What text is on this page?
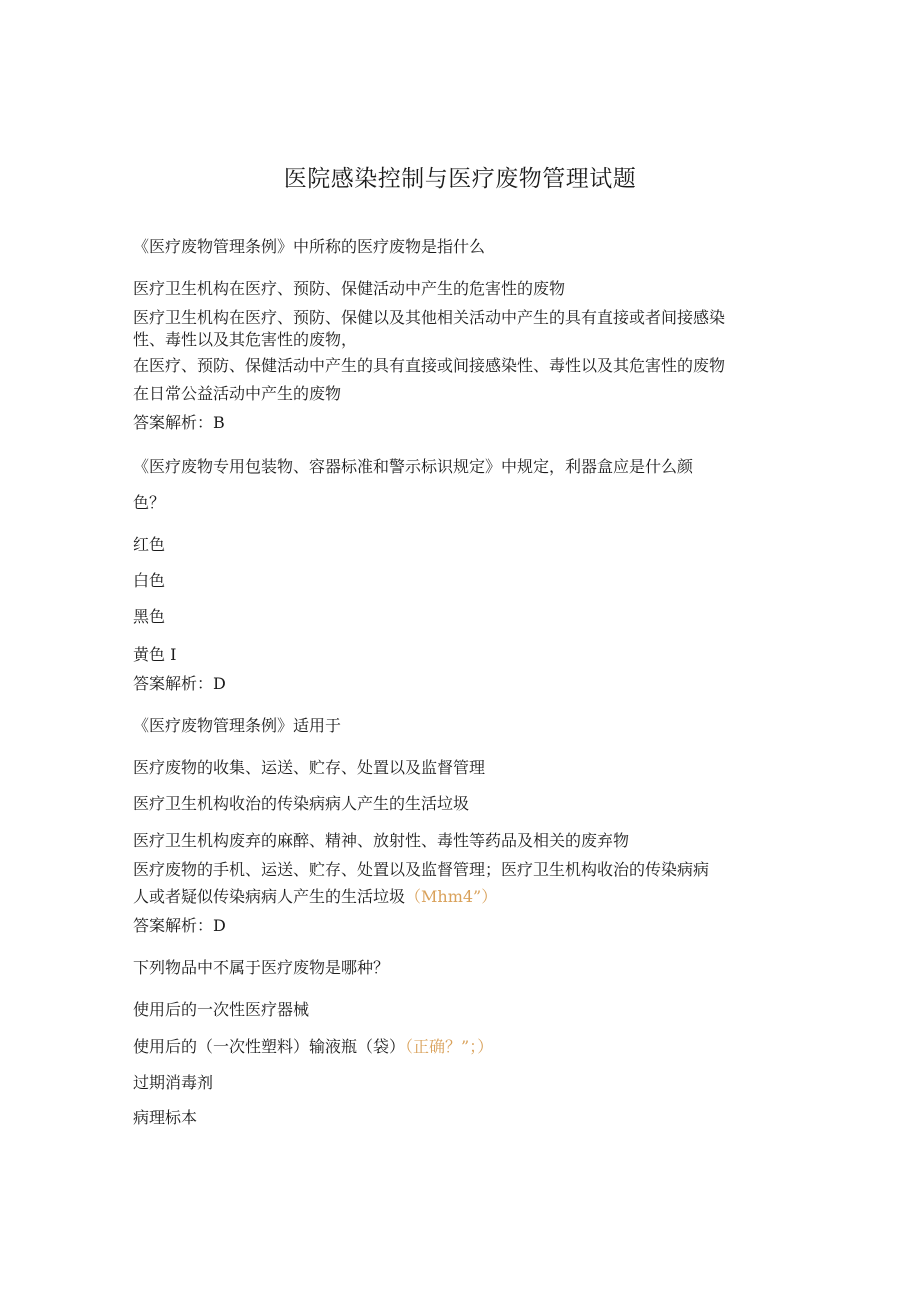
医院感染控制与医疗废物管理试题
《医疗废物管理条例》中所称的医疗废物是指什么
医疗卫生机构在医疗、预防、保健活动中产生的危害性的废物
医疗卫生机构在医疗、预防、保健以及其他相关活动中产生的具有直接或者间接感染
性、毒性以及其危害性的废物，
在医疗、预防、保健活动中产生的具有直接或间接感染性、毒性以及其危害性的废物
在日常公益活动中产生的废物
答案解析：B
《医疗废物专用包装物、容器标准和警示标识规定》中规定，利器盒应是什么颜
色？
红色
白色
黑色
黄色 I
答案解析：D
《医疗废物管理条例》适用于
医疗废物的收集、运送、贮存、处置以及监督管理
医疗卫生机构收治的传染病病人产生的生活垃圾
医疗卫生机构废弃的麻醉、精神、放射性、毒性等药品及相关的废弃物
医疗废物的手机、运送、贮存、处置以及监督管理；医疗卫生机构收治的传染病病
人或者疑似传染病病人产生的生活垃圾（Mhm4”）
答案解析：D
下列物品中不属于医疗废物是哪种？
使用后的一次性医疗器械
使用后的（一次性塑料）输液瓶（袋）（正确？”；）
过期消毒剂
病理标本
